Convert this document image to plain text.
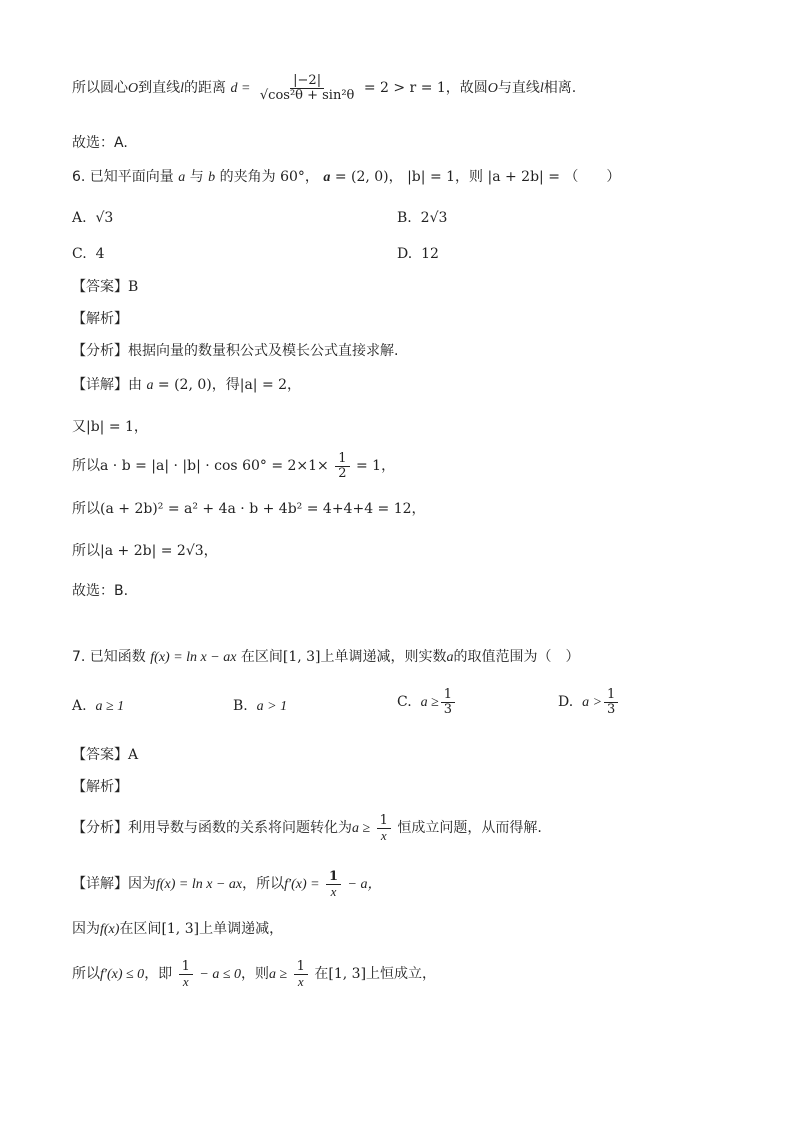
所以圆心O到直线l的距离 $d = \frac{|-2|}{\text{√cos²θ + sin²θ}} = 2 > r = 1$，故圆O与直线l相离.
故选：A.
6. 已知平面向量 a 与 b 的夹角为 60°， a = (2, 0)， |b| = 1，则 |a + 2b| = （　　）
A. √3	B. 2√3
C. 4	D. 12
【答案】B
【解析】
【分析】根据向量的数量积公式及模长公式直接求解.
【详解】由 a = (2, 0)，得|a| = 2，
又|b| = 1，
所以$a \cdot b = |a| \cdot |b| \cdot \cos 60^\circ = 2\times 1\times \frac{1}{2} = 1$，
所以(a + 2b)² = a² + 4a · b + 4b² = 4+4+4 = 12，
所以|a + 2b| = 2√3，
故选：B.
7. 已知函数 f(x) = ln x − ax 在区间[1, 3]上单调递减，则实数a的取值范围为（　）
A. a ≥ 1	B. a > 1	C. $a \ge \frac{1}{3}$	D. $a > \frac{1}{3}$
【答案】A
【解析】
【分析】利用导数与函数的关系将问题转化为$a \ge \frac{1}{x}$ 恒成立问题，从而得解.
【详解】因为f(x) = ln x − ax，所以$f'(x) = \frac{1}{x} - a$，
因为f(x)在区间[1, 3]上单调递减，
所以f′(x) ≤ 0，即 $\frac{1}{x} - a \le 0$，则$a \ge \frac{1}{x}$ 在[1, 3]上恒成立，
